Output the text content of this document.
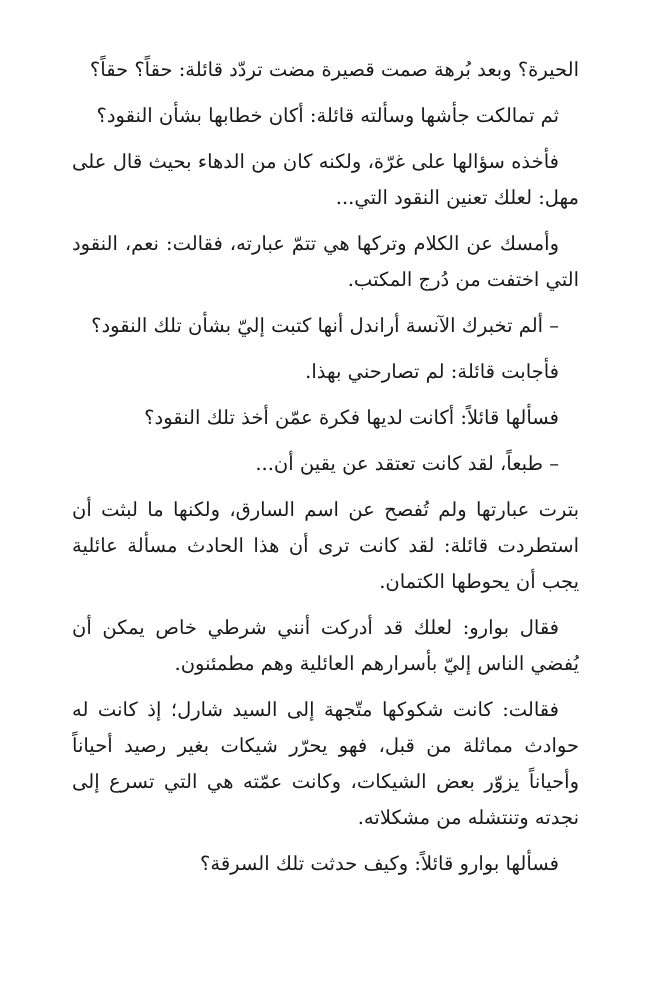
الحيرة؟ وبعد بُرهة صمت قصيرة مضت تردّد قائلة: حقاً؟ حقاً؟

ثم تمالكت جأشها وسألته قائلة: أكان خطابها بشأن النقود؟

فأخذه سؤالها على غرّة، ولكنه كان من الدهاء بحيث قال على مهل: لعلك تعنين النقود التي...

وأمسك عن الكلام وتركها هي تتمّ عبارته، فقالت: نعم، النقود التي اختفت من دُرج المكتب.

– ألم تخبرك الآنسة أراندل أنها كتبت إليّ بشأن تلك النقود؟

فأجابت قائلة: لم تصارحني بهذا.

فسألها قائلاً: أكانت لديها فكرة عمّن أخذ تلك النقود؟

– طبعاً، لقد كانت تعتقد عن يقين أن...

بترت عبارتها ولم تُفصح عن اسم السارق، ولكنها ما لبثت أن استطردت قائلة: لقد كانت ترى أن هذا الحادث مسألة عائلية يجب أن يحوطها الكتمان.

فقال بوارو: لعلك قد أدركت أنني شرطي خاص يمكن أن يُفضي الناس إليّ بأسرارهم العائلية وهم مطمئنون.

فقالت: كانت شكوكها متّجهة إلى السيد شارل؛ إذ كانت له حوادث مماثلة من قبل، فهو يحرّر شيكات بغير رصيد أحياناً وأحياناً يزوّر بعض الشيكات، وكانت عمّته هي التي تسرع إلى نجدته وتنتشله من مشكلاته.

فسألها بوارو قائلاً: وكيف حدثت تلك السرقة؟
